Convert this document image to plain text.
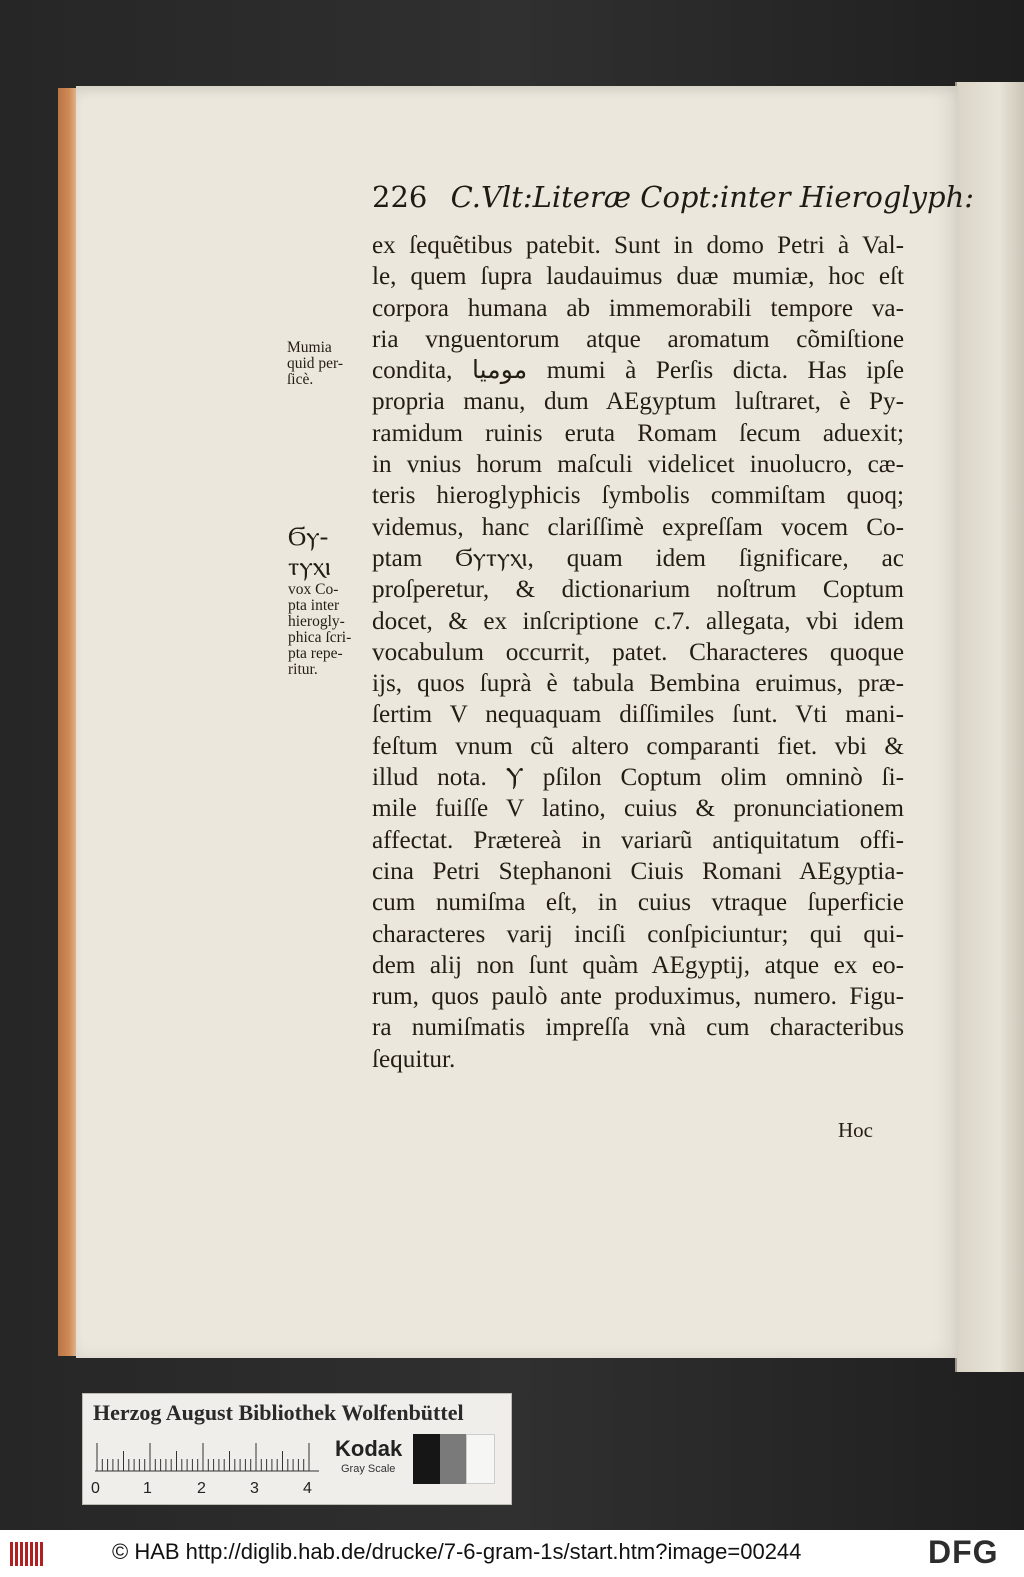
226 C.Vlt:Literæ Copt:inter Hieroglyph:
ex ſequẽtibus patebit. Sunt in domo Petri à Val-
le, quem ſupra laudauimus duæ mumiæ, hoc eſt
corpora humana ab immemorabili tempore va-
ria vnguentorum atque aromatum cõmiſtione
condita, موميا mumi à Perſis dicta. Has ipſe
propria manu, dum AEgyptum luſtraret, è Py-
ramidum ruinis eruta Romam ſecum aduexit;
in vnius horum maſculi videlicet inuolucro, cæ-
teris hieroglyphicis ſymbolis commiſtam quoq;
videmus, hanc clariſſimè expreſſam vocem Co-
ptam Ϭⲩⲧⲩⲭⲓ, quam idem ſignificare, ac
proſperetur, & dictionarium noſtrum Coptum
docet, & ex inſcriptione c.7. allegata, vbi idem
vocabulum occurrit, patet. Characteres quoque
ijs, quos ſuprà è tabula Bembina eruimus, præ-
ſertim V nequaquam diſſimiles ſunt. Vti mani-
feſtum vnum cũ altero comparanti fiet. vbi &
illud nota. Ⲩ pſilon Coptum olim omninò ſi-
mile fuiſſe V latino, cuius & pronunciationem
affectat. Prætereà in variarũ antiquitatum offi-
cina Petri Stephanoni Ciuis Romani AEgyptia-
cum numiſma eſt, in cuius vtraque ſuperficie
characteres varij inciſi conſpiciuntur; qui qui-
dem alij non ſunt quàm AEgyptij, atque ex eo-
rum, quos paulò ante produximus, numero. Figu-
ra numiſmatis impreſſa vnà cum characteribus
ſequitur.
Hoc
Mumia
quid per-
ſicè.
Ϭⲩ-
ⲧⲩⲭⲓ
vox Co-
pta inter
hierogly-
phica ſcri-
pta repe-
ritur.
Herzog August Bibliothek Wolfenbüttel
0	1	2	3	4
Kodak
Gray Scale
© HAB http://diglib.hab.de/drucke/7-6-gram-1s/start.htm?image=00244	DFG
